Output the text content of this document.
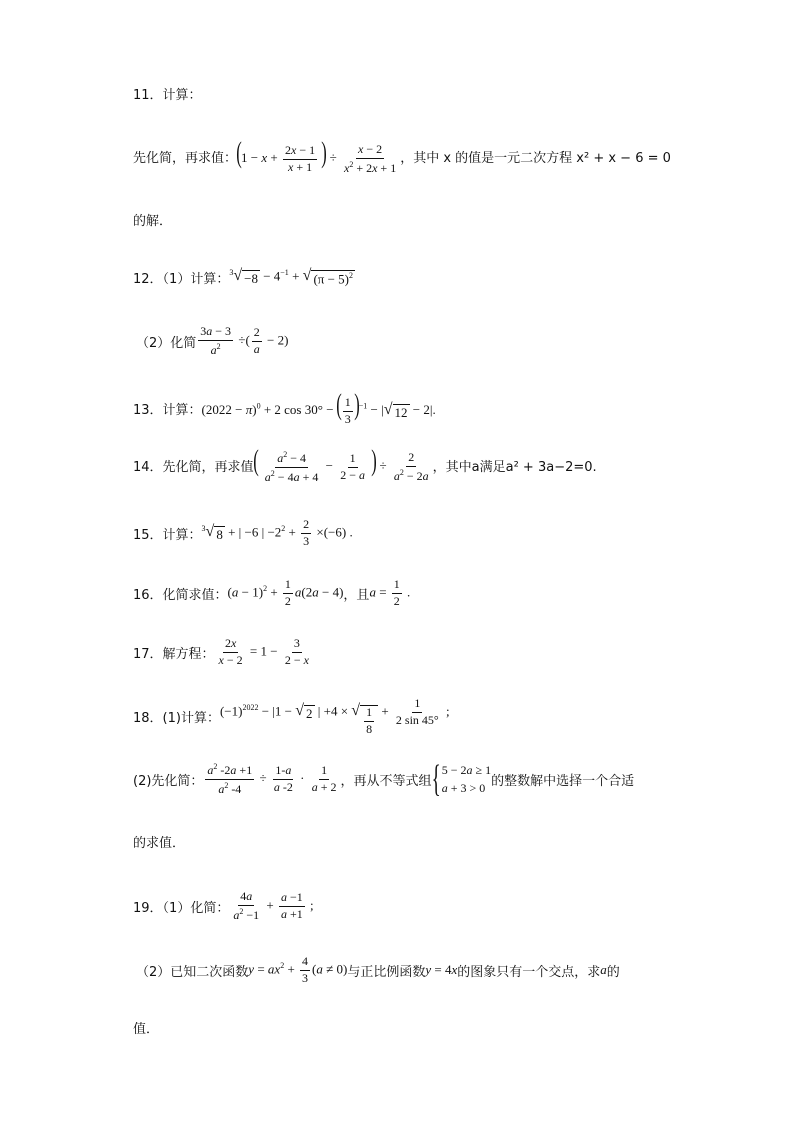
11．计算：
先化简，再求值： ($1 - x + \frac{2x - 1}{x + 1}$ ) ÷ $\frac{x - 2}{x^2 + 2x + 1}$ ，其中 x 的值是一元二次方程 x² + x − 6 = 0
的解．
12．（1）计算： $^3$ √ $-8 - 4^{-1}$ + √ $(\pi - 5)^2$
（2）化简 $\frac{3a - 3}{a^2}$ ÷( $\frac{2}{a} - 2$)
13．计算： $(2022 - \pi)^0 + 2$ cos 30° − ( $\frac{1}{3} )^{-1}$ − | √ 12 − 2|.
14．先化简，再求值 ( $\frac{a^2 - 4}{a^2 - 4a + 4} - \frac{1}{2 - a}$ ) ÷ $\frac{2}{a^2 - 2a}$ ，其中a满足a² + 3a−2=0.
15．计算： $^3$ √ 8 + | −6 | $-2^2 + \frac{2}{3} \times(-6)$ .
16．化简求值： $(a - 1)^2 + \frac{1}{2} a(2a - 4)$ ，且 $a = \frac{1}{2}$ .
17．解方程： $\frac{2x}{x - 2} = 1 - \frac{3}{2 - x}$
18．(1)计算：
$(-1)^{2022} - |1$ − √ 2 | +4 × √ $\frac{1}{8} + \frac{1}{2 \sin 45^\circ}$ ;
(2)先化简： $\frac{a^2 -2a +1}{a^2 -4} \div \frac{1-a}{a -2} \cdot \frac{1}{a + 2}$ ，再从不等式组 { 5 − 2a ≥ 1
a + 3 > 0 的整数解中选择一个合适
的求值．
19．（1）化简： $\frac{4a}{a^2 -1} + \frac{a -1}{a +1}$ ;
（2）已知二次函数 $y = ax^2 + \frac{4}{3} (a \ne 0)$ 与正比例函数 y = 4x 的图象只有一个交点，求 a 的
值．
